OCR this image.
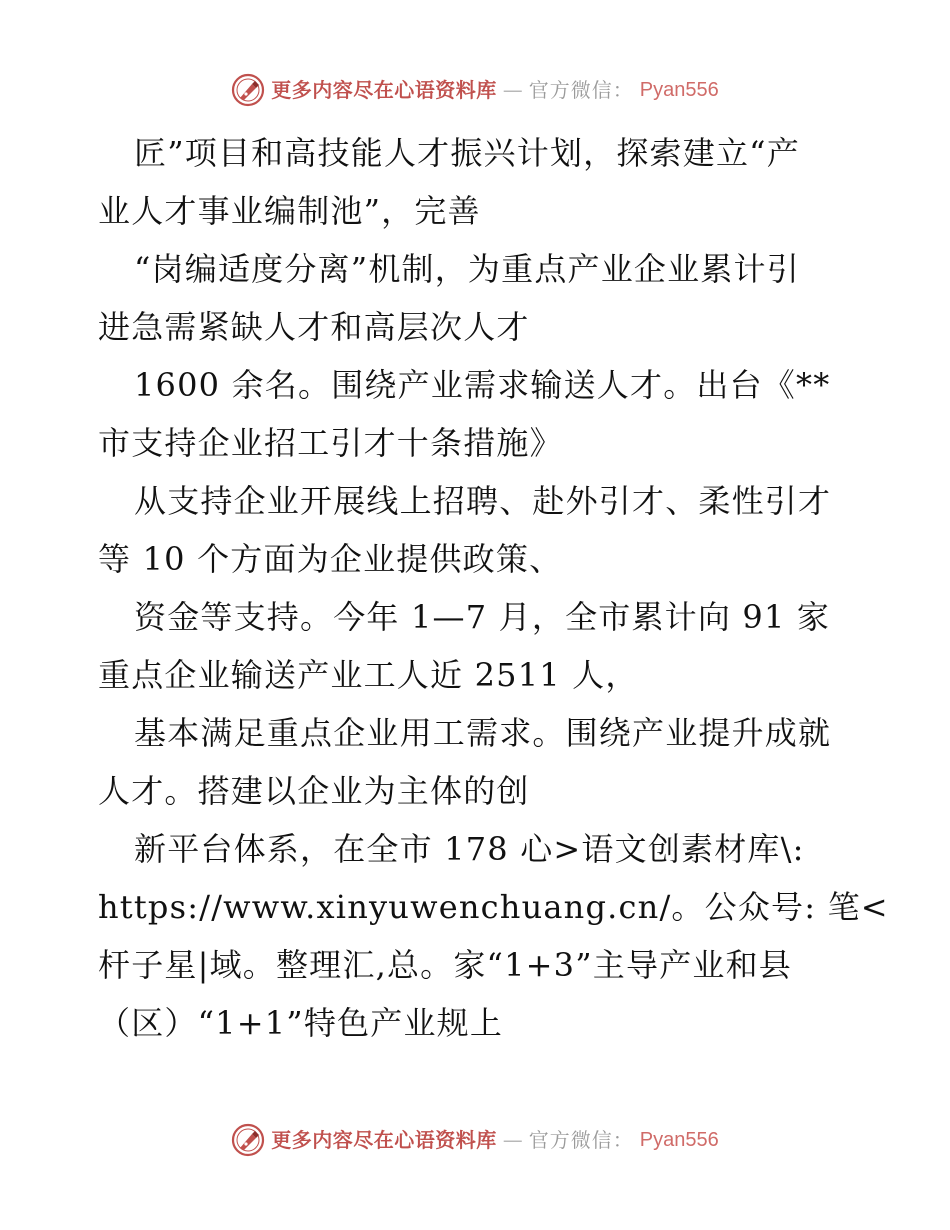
更多内容尽在心语资料库 — 官方微信： Pyan556
匠”项目和高技能人才振兴计划，探索建立“产
业人才事业编制池”，完善
“岗编适度分离”机制，为重点产业企业累计引
进急需紧缺人才和高层次人才
1600 余名。围绕产业需求输送人才。出台《**
市支持企业招工引才十条措施》
从支持企业开展线上招聘、赴外引才、柔性引才
等 10 个方面为企业提供政策、
资金等支持。今年 1—7 月，全市累计向 91 家
重点企业输送产业工人近 2511 人，
基本满足重点企业用工需求。围绕产业提升成就
人才。搭建以企业为主体的创
新平台体系，在全市 178 心>语文创素材库\:
https://www.xinyuwenchuang.cn/。公众号: 笔<
杆子星|域。整理汇,总。家“1+3”主导产业和县
（区）“1+1”特色产业规上
更多内容尽在心语资料库 — 官方微信： Pyan556
